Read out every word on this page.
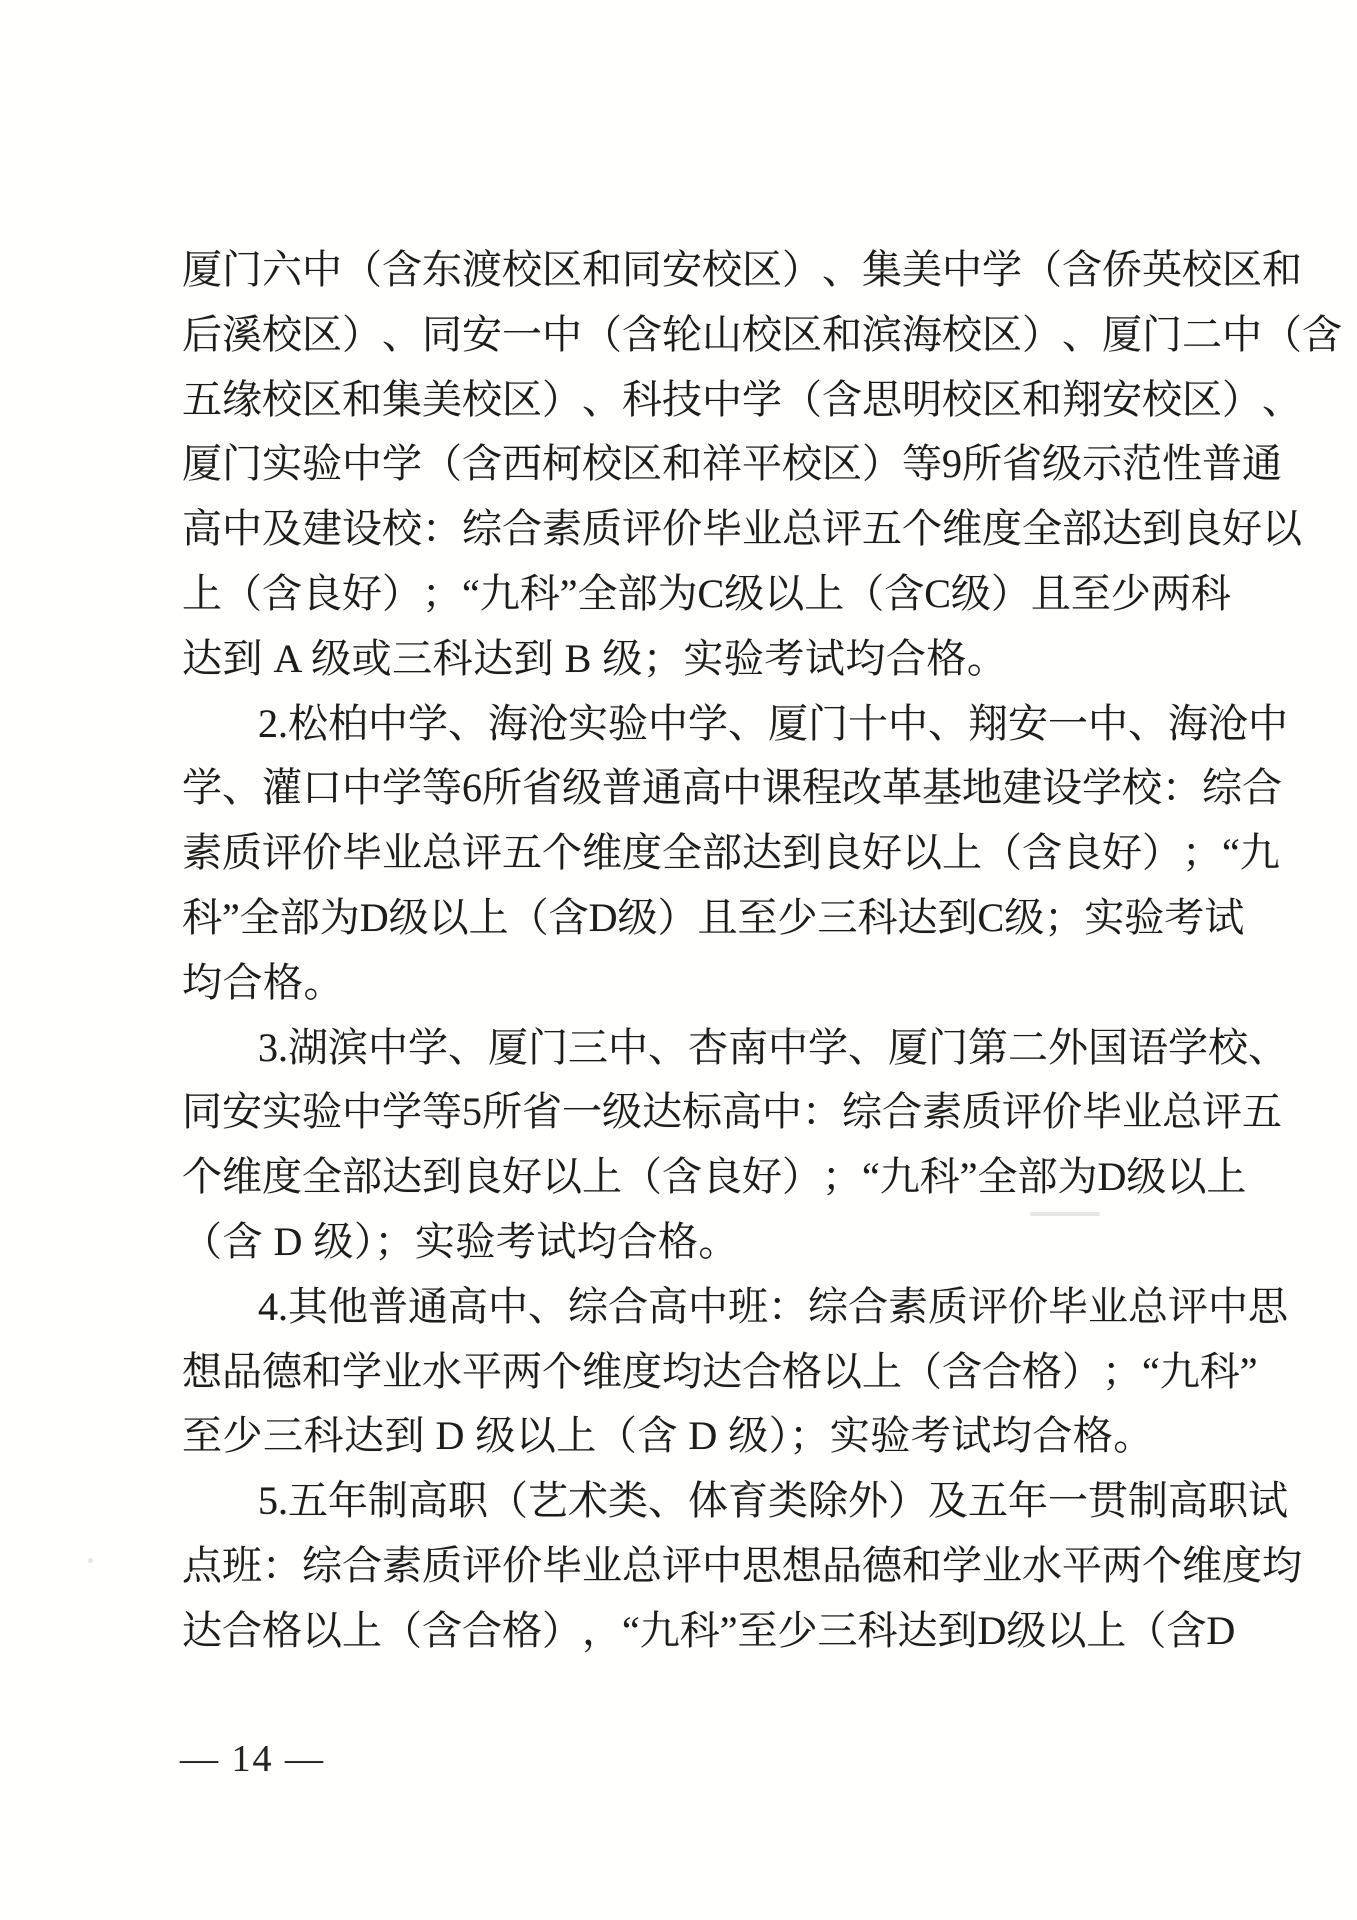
厦 门 六 中 （ 含 东 渡 校 区 和 同 安 校 区 ） 、 集 美 中 学 （ 含 侨 英 校 区 和
后 溪 校 区 ） 、 同 安 一 中 （ 含 轮 山 校 区 和 滨 海 校 区 ） 、 厦 门 二 中 （ 含
五 缘 校 区 和 集 美 校 区 ） 、 科 技 中 学 （ 含 思 明 校 区 和 翔 安 校 区 ） 、
厦 门 实 验 中 学 （ 含 西 柯 校 区 和 祥 平 校 区 ） 等 9 所 省 级 示 范 性 普 通
高 中 及 建 设 校 ： 综 合 素 质 评 价 毕 业 总 评 五 个 维 度 全 部 达 到 良 好 以
上 （ 含 良 好 ） ； “ 九 科 ” 全 部 为 C 级 以 上 （ 含 C 级 ） 且 至 少 两 科
达到 A 级或三科达到 B 级；实验考试均合格。
2. 松 柏 中 学 、 海 沧 实 验 中 学 、 厦 门 十 中 、 翔 安 一 中 、 海 沧 中
学 、 灌 口 中 学 等 6 所 省 级 普 通 高 中 课 程 改 革 基 地 建 设 学 校 ： 综 合
素 质 评 价 毕 业 总 评 五 个 维 度 全 部 达 到 良 好 以 上 （ 含 良 好 ） ； “ 九
科 ” 全 部 为 D 级 以 上 （ 含 D 级 ） 且 至 少 三 科 达 到 C 级 ； 实 验 考 试
均合格。
3. 湖 滨 中 学 、 厦 门 三 中 、 杏 南 中 学 、 厦 门 第 二 外 国 语 学 校 、
同 安 实 验 中 学 等 5 所 省 一 级 达 标 高 中 ： 综 合 素 质 评 价 毕 业 总 评 五
个 维 度 全 部 达 到 良 好 以 上 （ 含 良 好 ） ； “ 九 科 ” 全 部 为 D 级 以 上
（含 D 级）；实验考试均合格。
4. 其 他 普 通 高 中 、 综 合 高 中 班 ： 综 合 素 质 评 价 毕 业 总 评 中 思
想 品 德 和 学 业 水 平 两 个 维 度 均 达 合 格 以 上 （ 含 合 格 ） ； “ 九 科 ”
至少三科达到 D 级以上（含 D 级）；实验考试均合格。
5. 五 年 制 高 职 （ 艺 术 类 、 体 育 类 除 外 ） 及 五 年 一 贯 制 高 职 试
点 班 ： 综 合 素 质 评 价 毕 业 总 评 中 思 想 品 德 和 学 业 水 平 两 个 维 度 均
达 合 格 以 上 （ 含 合 格 ） ， “ 九 科 ” 至 少 三 科 达 到 D 级 以 上 （ 含 D
— 14 —
